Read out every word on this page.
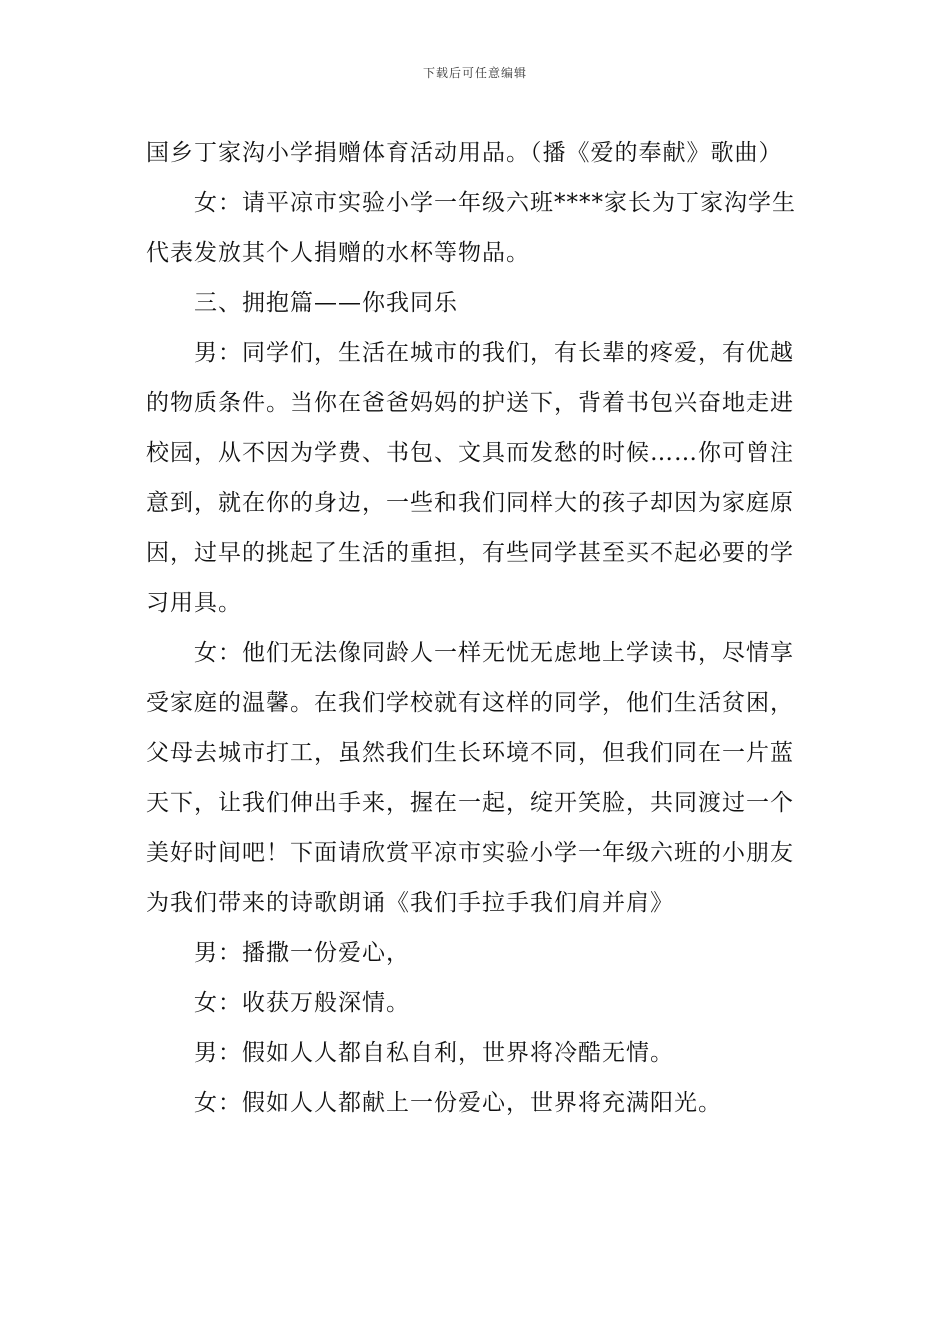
下载后可任意编辑

国乡丁家沟小学捐赠体育活动用品。（播《爱的奉献》歌曲）

女：请平凉市实验小学一年级六班****家长为丁家沟学生代表发放其个人捐赠的水杯等物品。

三、拥抱篇——你我同乐

男：同学们，生活在城市的我们，有长辈的疼爱，有优越的物质条件。当你在爸爸妈妈的护送下，背着书包兴奋地走进校园，从不因为学费、书包、文具而发愁的时候……你可曾注意到，就在你的身边，一些和我们同样大的孩子却因为家庭原因，过早的挑起了生活的重担，有些同学甚至买不起必要的学习用具。

女：他们无法像同龄人一样无忧无虑地上学读书，尽情享受家庭的温馨。在我们学校就有这样的同学，他们生活贫困，父母去城市打工，虽然我们生长环境不同，但我们同在一片蓝天下，让我们伸出手来，握在一起，绽开笑脸，共同渡过一个美好时间吧！下面请欣赏平凉市实验小学一年级六班的小朋友为我们带来的诗歌朗诵《我们手拉手我们肩并肩》

男：播撒一份爱心，

女：收获万般深情。

男：假如人人都自私自利，世界将冷酷无情。

女：假如人人都献上一份爱心，世界将充满阳光。
